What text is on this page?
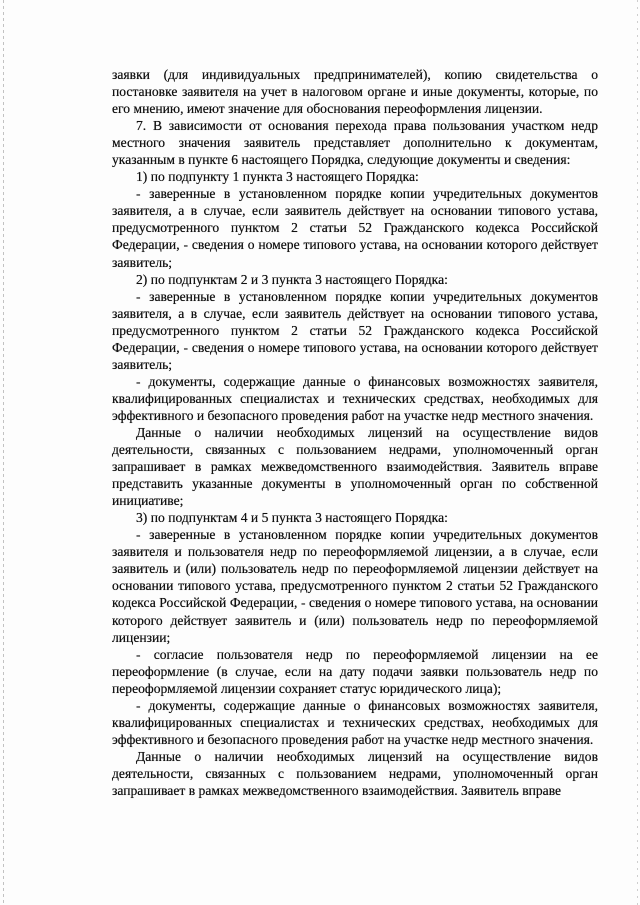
заявки (для индивидуальных предпринимателей), копию свидетельства о постановке заявителя на учет в налоговом органе и иные документы, которые, по его мнению, имеют значение для обоснования переоформления лицензии.

7. В зависимости от основания перехода права пользования участком недр местного значения заявитель представляет дополнительно к документам, указанным в пункте 6 настоящего Порядка, следующие документы и сведения:

1) по подпункту 1 пункта 3 настоящего Порядка:

- заверенные в установленном порядке копии учредительных документов заявителя, а в случае, если заявитель действует на основании типового устава, предусмотренного пунктом 2 статьи 52 Гражданского кодекса Российской Федерации, - сведения о номере типового устава, на основании которого действует заявитель;

2) по подпунктам 2 и 3 пункта 3 настоящего Порядка:

- заверенные в установленном порядке копии учредительных документов заявителя, а в случае, если заявитель действует на основании типового устава, предусмотренного пунктом 2 статьи 52 Гражданского кодекса Российской Федерации, - сведения о номере типового устава, на основании которого действует заявитель;

- документы, содержащие данные о финансовых возможностях заявителя, квалифицированных специалистах и технических средствах, необходимых для эффективного и безопасного проведения работ на участке недр местного значения.

Данные о наличии необходимых лицензий на осуществление видов деятельности, связанных с пользованием недрами, уполномоченный орган запрашивает в рамках межведомственного взаимодействия. Заявитель вправе представить указанные документы в уполномоченный орган по собственной инициативе;

3) по подпунктам 4 и 5 пункта 3 настоящего Порядка:

- заверенные в установленном порядке копии учредительных документов заявителя и пользователя недр по переоформляемой лицензии, а в случае, если заявитель и (или) пользователь недр по переоформляемой лицензии действует на основании типового устава, предусмотренного пунктом 2 статьи 52 Гражданского кодекса Российской Федерации, - сведения о номере типового устава, на основании которого действует заявитель и (или) пользователь недр по переоформляемой лицензии;

- согласие пользователя недр по переоформляемой лицензии на ее переоформление (в случае, если на дату подачи заявки пользователь недр по переоформляемой лицензии сохраняет статус юридического лица);

- документы, содержащие данные о финансовых возможностях заявителя, квалифицированных специалистах и технических средствах, необходимых для эффективного и безопасного проведения работ на участке недр местного значения.

Данные о наличии необходимых лицензий на осуществление видов деятельности, связанных с пользованием недрами, уполномоченный орган запрашивает в рамках межведомственного взаимодействия. Заявитель вправе
